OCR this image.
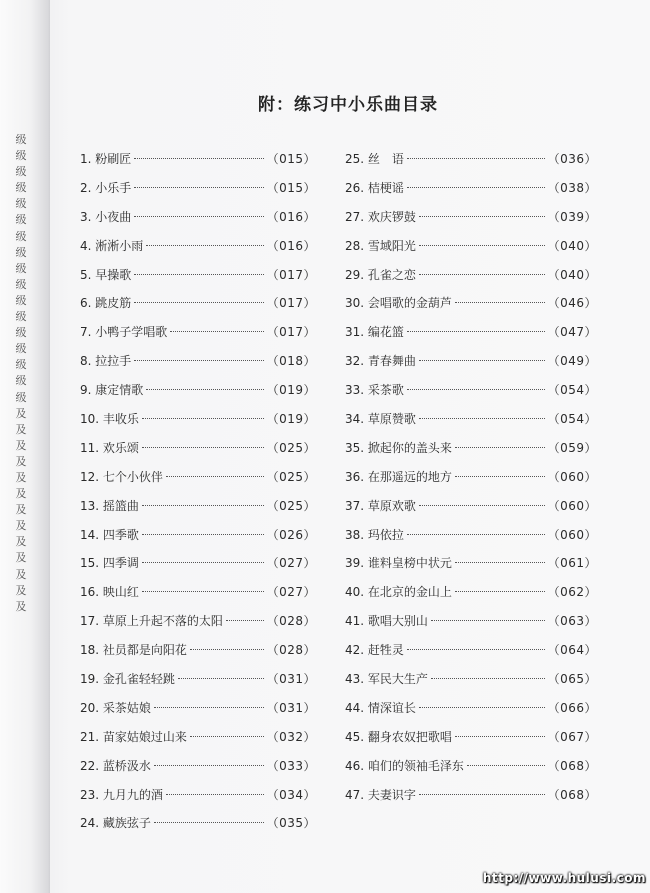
级
级
级
级
级
级
级
级
级
级
级
级
级
级
级
级
级
及
及
及
及
及
及
及
及
及
及
及
及
及
附：练习中小乐曲目录
1. 粉刷匠	（015）
2. 小乐手	（015）
3. 小夜曲	（016）
4. 淅淅小雨	（016）
5. 早操歌	（017）
6. 跳皮筋	（017）
7. 小鸭子学唱歌	（017）
8. 拉拉手	（018）
9. 康定情歌	（019）
10. 丰收乐	（019）
11. 欢乐颂	（025）
12. 七个小伙伴	（025）
13. 摇篮曲	（025）
14. 四季歌	（026）
15. 四季调	（027）
16. 映山红	（027）
17. 草原上升起不落的太阳	（028）
18. 社员都是向阳花	（028）
19. 金孔雀轻轻跳	（031）
20. 采茶姑娘	（031）
21. 苗家姑娘过山来	（032）
22. 蓝桥汲水	（033）
23. 九月九的酒	（034）
24. 藏族弦子	（035）
25. 丝　语	（036）
26. 桔梗谣	（038）
27. 欢庆锣鼓	（039）
28. 雪域阳光	（040）
29. 孔雀之恋	（040）
30. 会唱歌的金葫芦	（046）
31. 编花篮	（047）
32. 青春舞曲	（049）
33. 采茶歌	（054）
34. 草原赞歌	（054）
35. 掀起你的盖头来	（059）
36. 在那遥远的地方	（060）
37. 草原欢歌	（060）
38. 玛依拉	（060）
39. 谁料皇榜中状元	（061）
40. 在北京的金山上	（062）
41. 歌唱大别山	（063）
42. 赶牲灵	（064）
43. 军民大生产	（065）
44. 情深谊长	（066）
45. 翻身农奴把歌唱	（067）
46. 咱们的领袖毛泽东	（068）
47. 夫妻识字	（068）
http://www.hulusi.com
